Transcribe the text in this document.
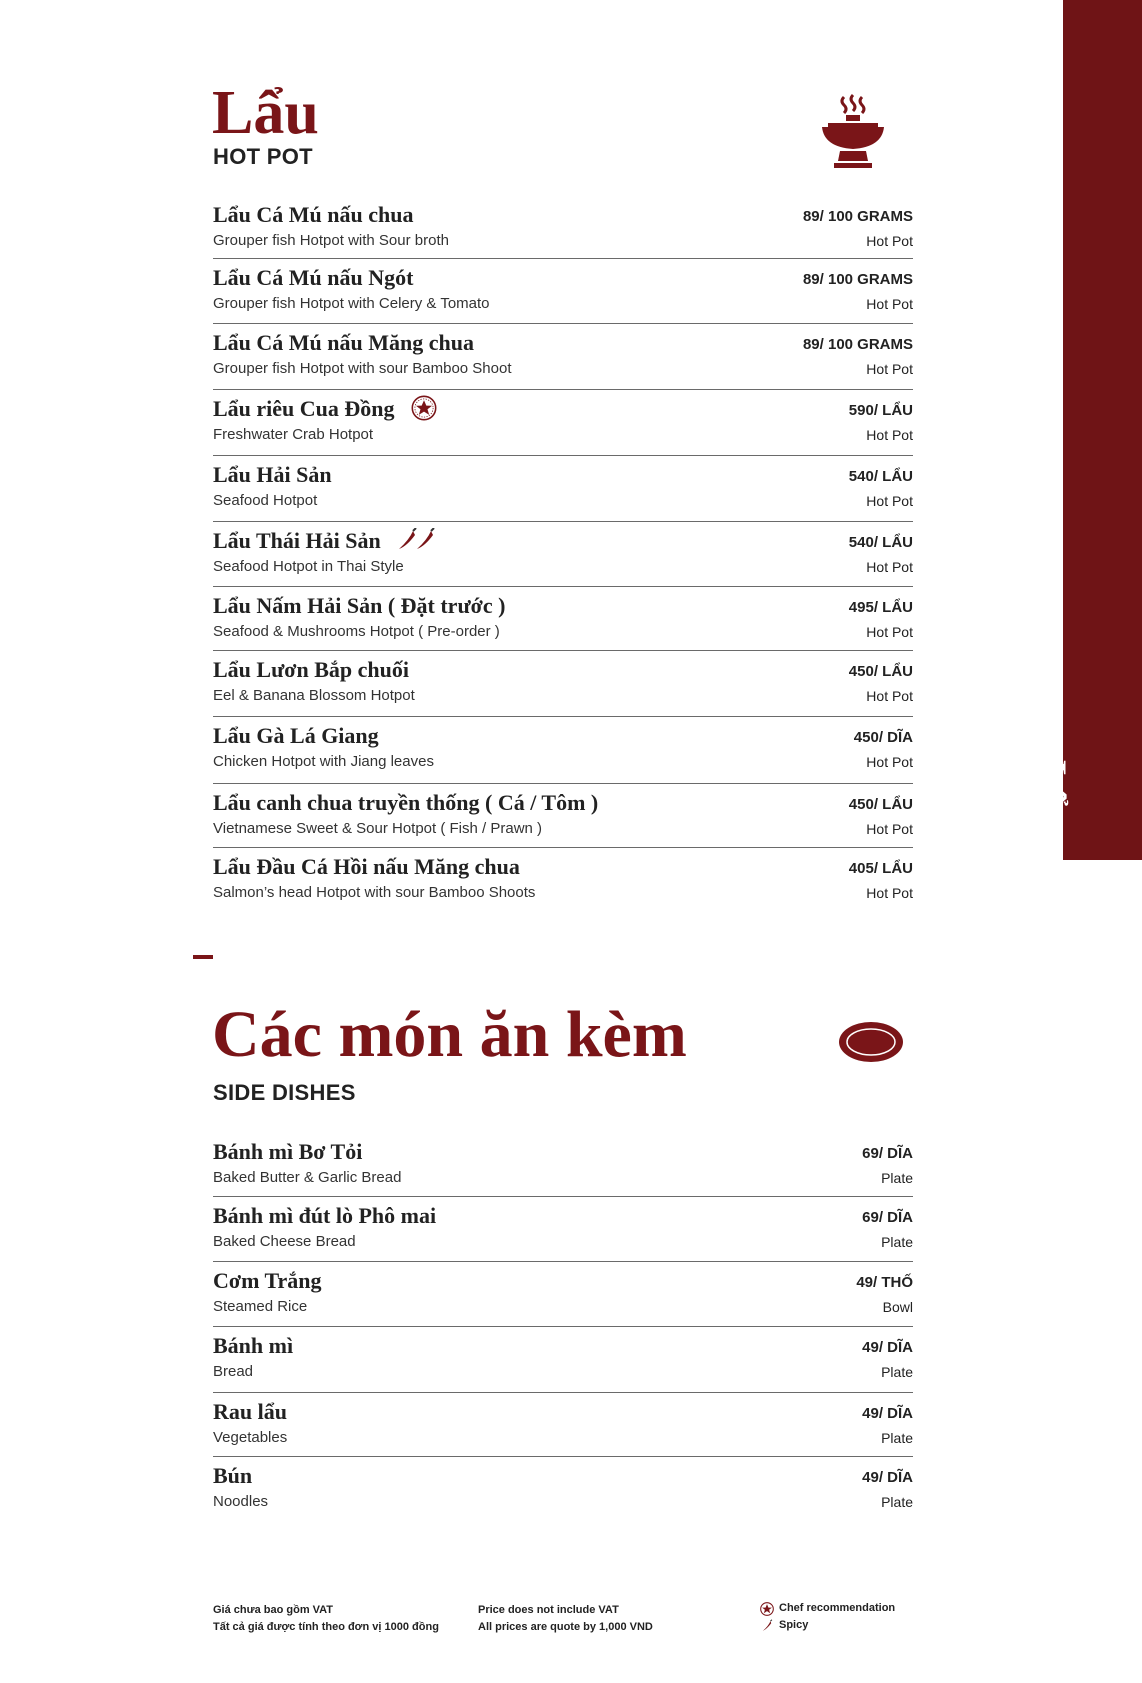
Lẩu
HOT POT
Lẩu
HOT POT
Lẩu Cá Mú nấu chua
Grouper fish Hotpot with Sour broth
89/ 100 GRAMS
Hot Pot
Lẩu Cá Mú nấu Ngót
Grouper fish Hotpot with Celery & Tomato
89/ 100 GRAMS
Hot Pot
Lẩu Cá Mú nấu Măng chua
Grouper fish Hotpot with sour Bamboo Shoot
89/ 100 GRAMS
Hot Pot
Lẩu riêu Cua Đồng
Freshwater Crab Hotpot
590/ LẨU
Hot Pot
Lẩu Hải Sản
Seafood Hotpot
540/ LẨU
Hot Pot
Lẩu Thái Hải Sản
Seafood Hotpot in Thai Style
540/ LẨU
Hot Pot
Lẩu Nấm Hải Sản ( Đặt trước )
Seafood & Mushrooms Hotpot ( Pre-order )
495/ LẨU
Hot Pot
Lẩu Lươn Bắp chuối
Eel & Banana Blossom Hotpot
450/ LẨU
Hot Pot
Lẩu Gà Lá Giang
Chicken Hotpot with Jiang leaves
450/ DĨA
Hot Pot
Lẩu canh chua truyền thống ( Cá / Tôm )
Vietnamese Sweet & Sour Hotpot ( Fish / Prawn )
450/ LẨU
Hot Pot
Lẩu Đầu Cá Hồi nấu Măng chua
Salmon’s head Hotpot with sour Bamboo Shoots
405/ LẨU
Hot Pot
Các món ăn kèm
SIDE DISHES
Bánh mì Bơ Tỏi
Baked Butter & Garlic Bread
69/ DĨA
Plate
Bánh mì đút lò Phô mai
Baked Cheese Bread
69/ DĨA
Plate
Cơm Trắng
Steamed Rice
49/ THỐ
Bowl
Bánh mì
Bread
49/ DĨA
Plate
Rau lẩu
Vegetables
49/ DĨA
Plate
Bún
Noodles
49/ DĨA
Plate
Giá chưa bao gồm VAT
Tất cả giá được tính theo đơn vị 1000 đồng
Price does not include VAT
All prices are quote by 1,000 VND
Chef recommendation
Spicy
